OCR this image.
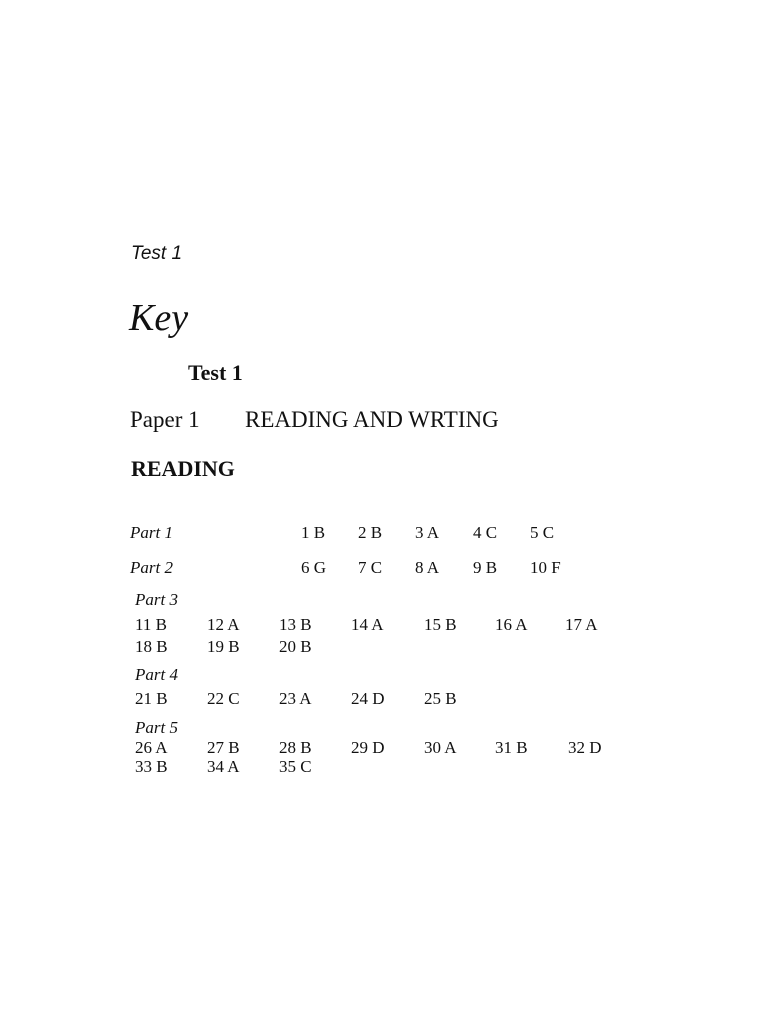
Test 1
Key
Test 1
Paper 1 READING AND WRTING
READING
Part 1	1 B 2 B 3 A 4 C 5 C
Part 2	6 G 7 C 8 A 9 B 10 F
Part 3
11 B 12 A 13 B 14 A 15 B 16 A 17 A
18 B 19 B 20 B
Part 4
21 B 22 C 23 A 24 D 25 B
Part 5
26 A 27 B 28 B 29 D 30 A 31 B 32 D
33 B 34 A 35 C
